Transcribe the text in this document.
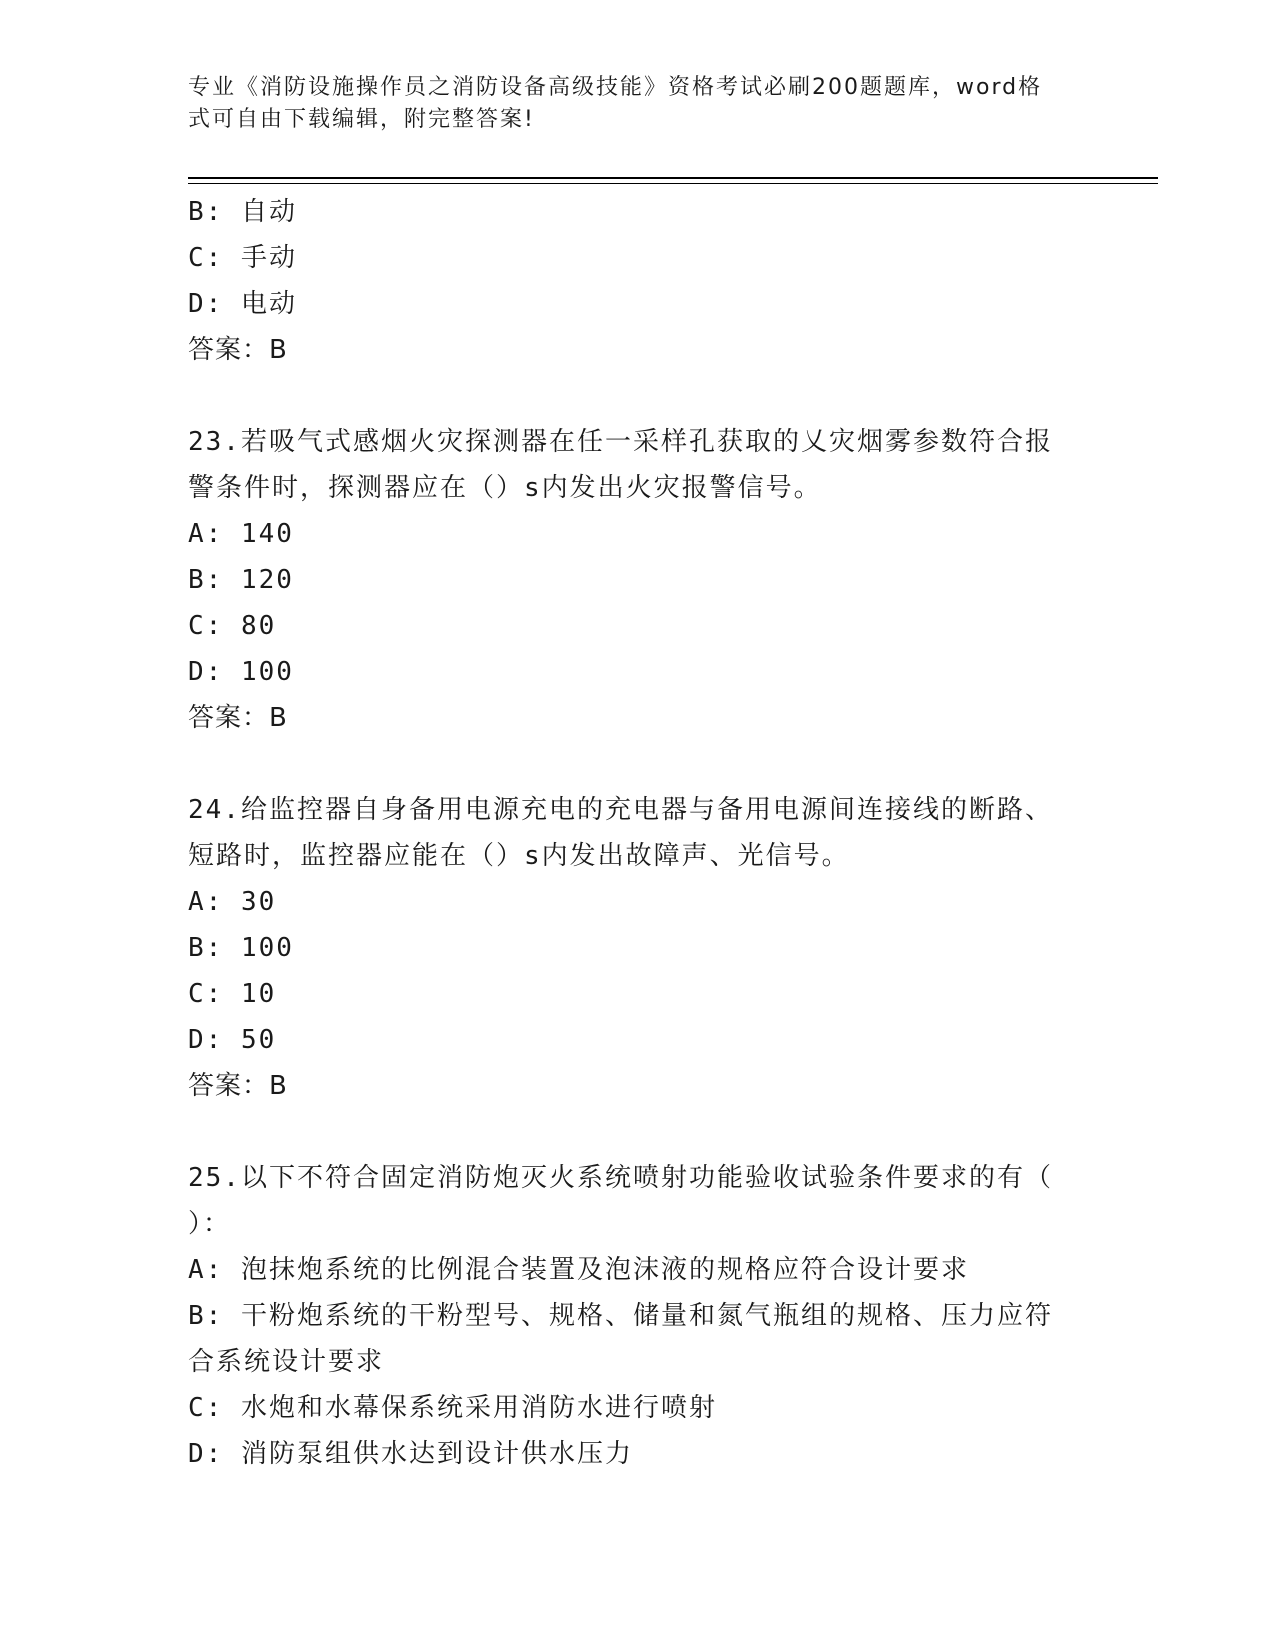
专业《消防设施操作员之消防设备高级技能》资格考试必刷200题题库，word格
式可自由下载编辑，附完整答案!

B: 自动

C: 手动

D: 电动

答案：B

23.若吸气式感烟火灾探测器在任一采样孔获取的乂灾烟雾参数符合报

警条件时，探测器应在（）s内发出火灾报警信号。

A: 140

B: 120

C: 80

D: 100

答案：B

24.给监控器自身备用电源充电的充电器与备用电源间连接线的断路、

短路时，监控器应能在（）s内发出故障声、光信号。

A: 30

B: 100

C: 10

D: 50

答案：B

25.以下不符合固定消防炮灭火系统喷射功能验收试验条件要求的有（

）：

A: 泡抹炮系统的比例混合装置及泡沫液的规格应符合设计要求

B: 干粉炮系统的干粉型号、规格、储量和氮气瓶组的规格、压力应符

合系统设计要求

C: 水炮和水幕保系统采用消防水进行喷射

D: 消防泵组供水达到设计供水压力
